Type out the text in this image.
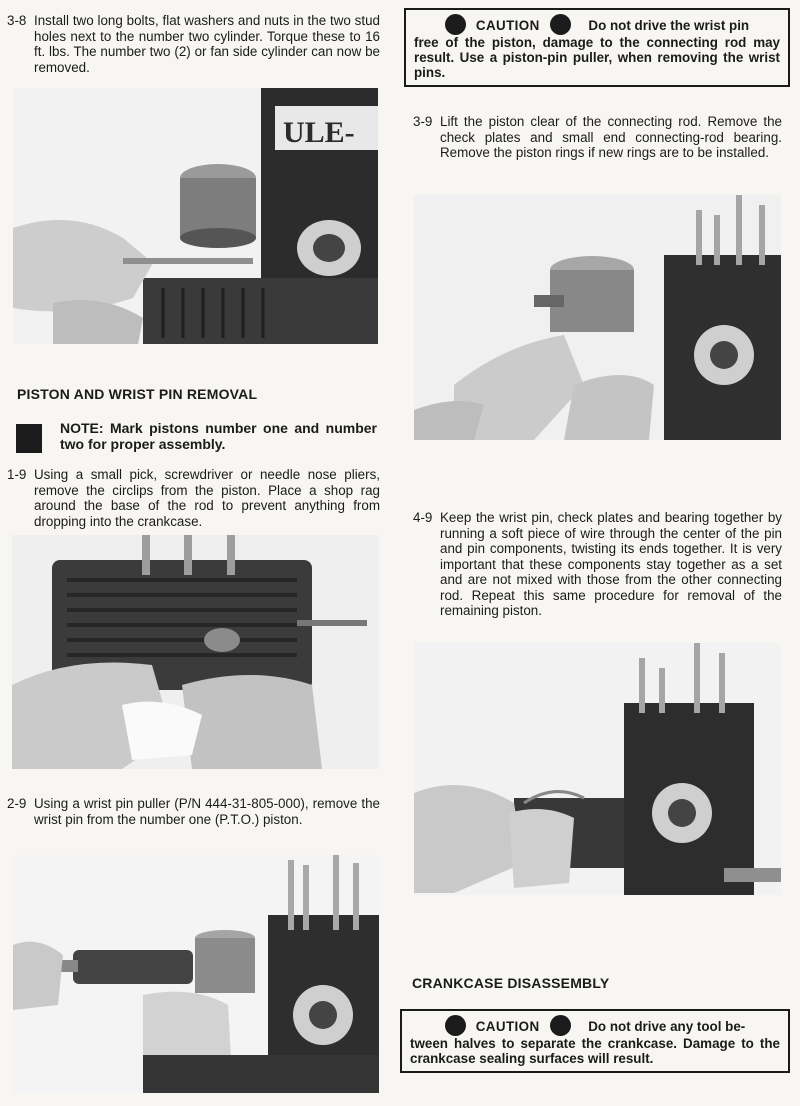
3-8 Install two long bolts, flat washers and nuts in the two stud holes next to the number two cylinder. Torque these to 16 ft. lbs. The number two (2) or fan side cylinder can now be removed.
ULE-02
PISTON AND WRIST PIN REMOVAL
NOTE: Mark pistons number one and number two for proper assembly.
1-9 Using a small pick, screwdriver or needle nose pliers, remove the circlips from the piston. Place a shop rag around the base of the rod to prevent anything from dropping into the crankcase.
2-9 Using a wrist pin puller (P/N 444-31-805-000), remove the wrist pin from the number one (P.T.O.) piston.
CAUTION	Do not drive the wrist pin
free of the piston, damage to the connecting rod may result. Use a piston-pin puller, when removing the wrist pins.
3-9 Lift the piston clear of the connecting rod. Remove the check plates and small end connecting-rod bearing. Remove the piston rings if new rings are to be installed.
4-9 Keep the wrist pin, check plates and bearing together by running a soft piece of wire through the center of the pin and pin components, twisting its ends together. It is very important that these components stay together as a set and are not mixed with those from the other connecting rod. Repeat this same procedure for removal of the remaining piston.
CRANKCASE DISASSEMBLY
CAUTION	Do not drive any tool be-
tween halves to separate the crankcase. Damage to the crankcase sealing surfaces will result.
